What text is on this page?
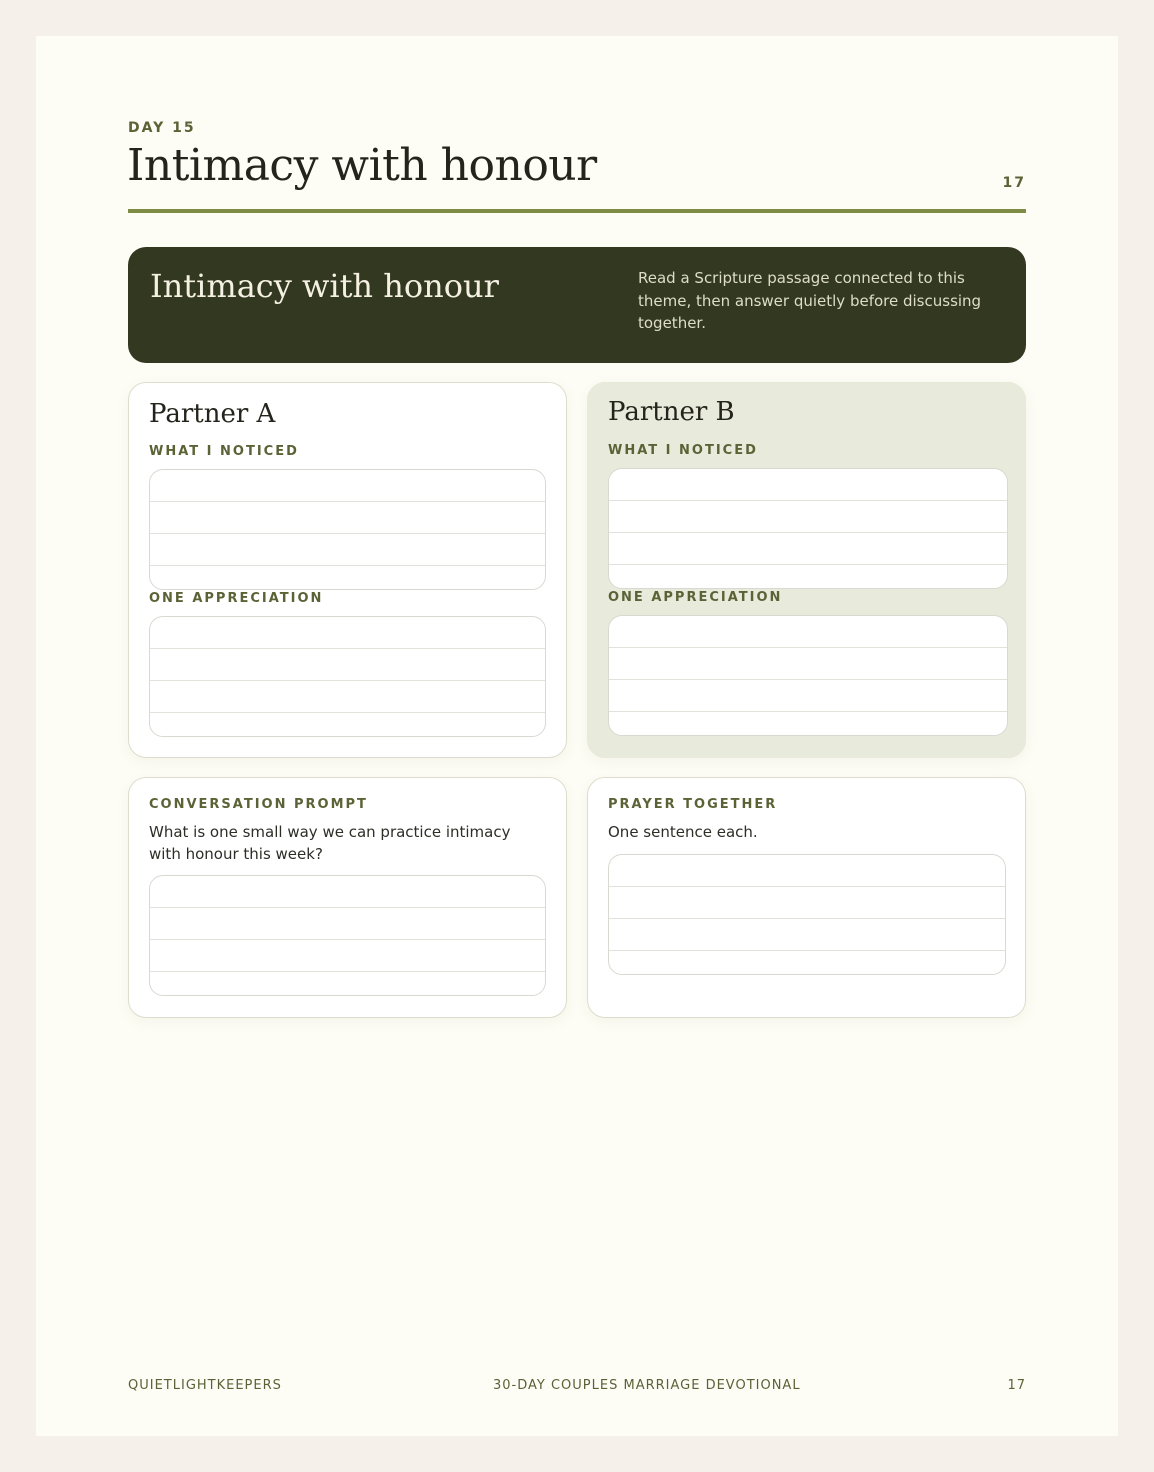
DAY 15
Intimacy with honour	17
Intimacy with honour	Read a Scripture passage connected to this theme, then answer quietly before discussing together.
Partner A
WHAT I NOTICED
ONE APPRECIATION
Partner B
WHAT I NOTICED
ONE APPRECIATION
CONVERSATION PROMPT
What is one small way we can practice intimacy with honour this week?
PRAYER TOGETHER
One sentence each.
QUIETLIGHTKEEPERS	30-DAY COUPLES MARRIAGE DEVOTIONAL	17
